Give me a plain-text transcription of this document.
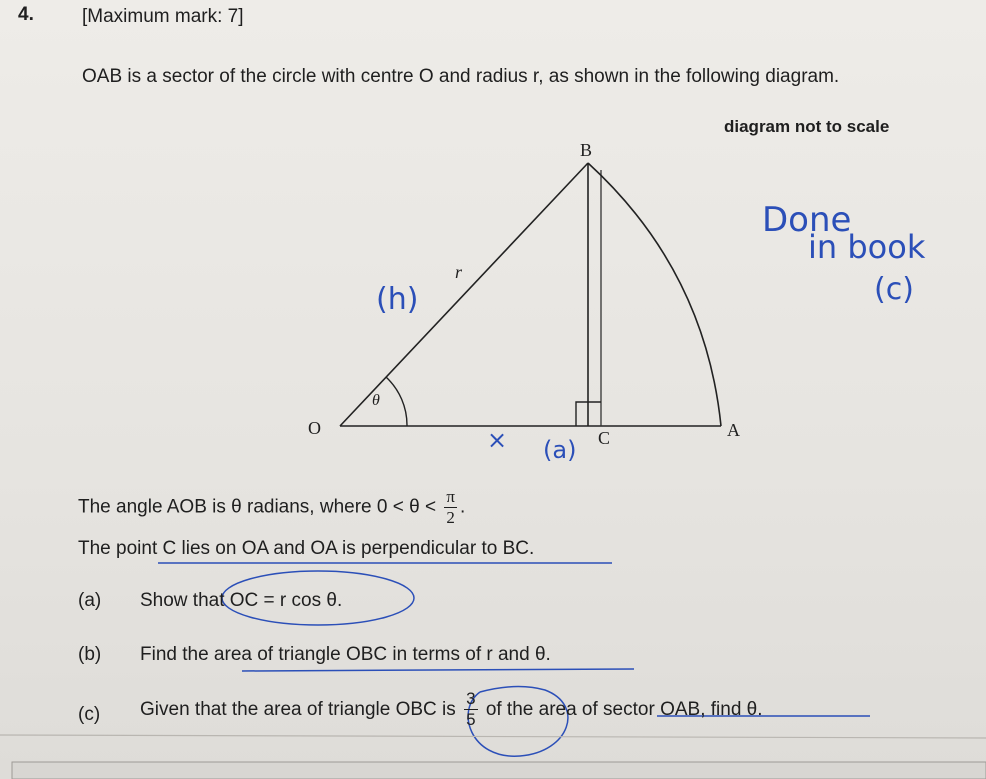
4.	[Maximum mark: 7]
OAB is a sector of the circle with centre O and radius r, as shown in the following diagram.
diagram not to scale
B
O	A
C
r
θ
Done
in book
(c)
(h)
(a)
×
The angle AOB is θ radians, where $0 < \theta < \frac{\pi}{2}$ .
The point C lies on OA and OA is perpendicular to BC.
(a) Show that OC = r cos θ.
(b) Find the area of triangle OBC in terms of r and θ.
(c) Given that the area of triangle OBC is $\frac{3}{5}$ of the area of sector OAB, find θ.
